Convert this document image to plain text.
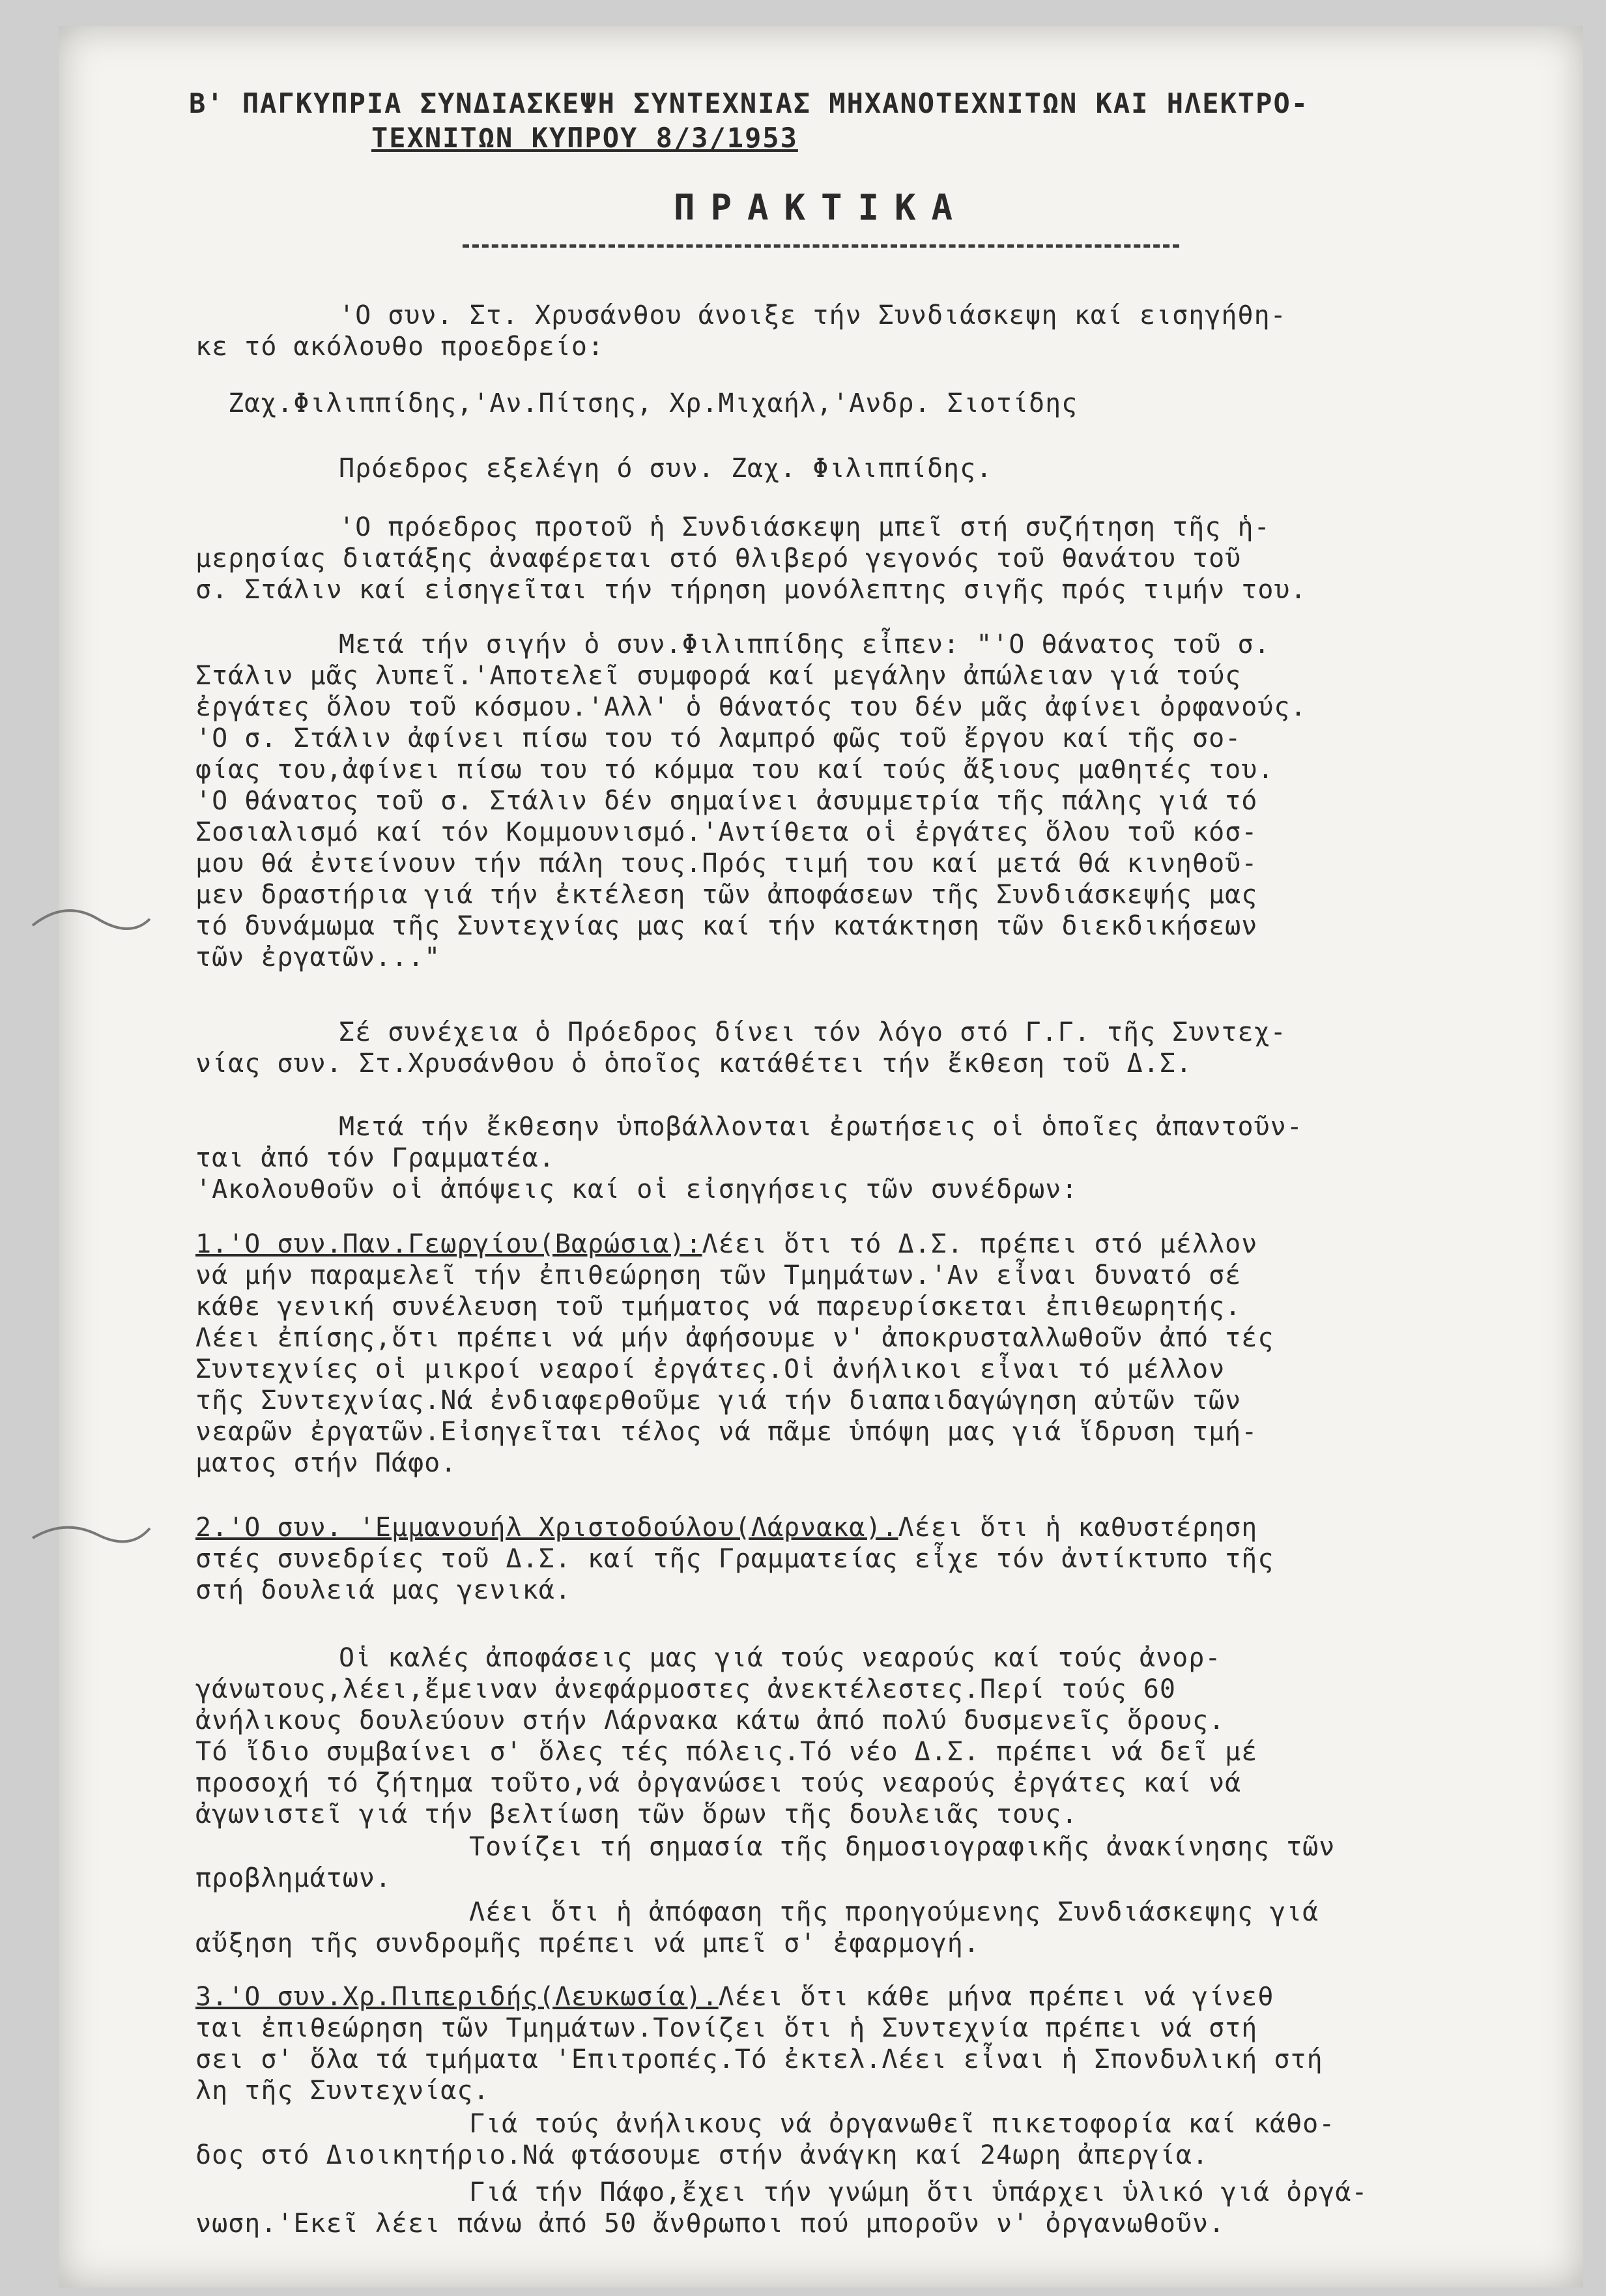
Β' ΠΑΓΚΥΠΡΙΑ ΣΥΝΔΙΑΣΚΕΨΗ ΣΥΝΤΕΧΝΙΑΣ ΜΗΧΑΝΟΤΕΧΝΙΤΩΝ ΚΑΙ ΗΛΕΚΤΡΟ-

ΤΕΧΝΙΤΩΝ ΚΥΠΡΟΥ 8/3/1953

ΠΡΑΚΤΙΚΑ

'Ο συν. Στ. Χρυσάνθου άνοιξε τήν Συνδιάσκεψη καί εισηγήθη-
κε τό ακόλουθο προεδρείο:

Ζαχ.Φιλιππίδης,'Αν.Πίτσης, Χρ.Μιχαήλ,'Ανδρ. Σιοτίδης

Πρόεδρος εξελέγη ό συν. Ζαχ. Φιλιππίδης.

'Ο πρόεδρος πρoτοῦ ἡ Συνδιάσκεψη μπεῖ στή συζήτηση τῆς ἡ-
μερησίας διατάξης ἀναφέρεται στό θλιβερό γεγονός τοῦ θανάτου τοῦ
σ. Στάλιν καί εἰσηγεῖται τήν τήρηση μονόλεπτης σιγῆς πρός τιμήν του.

Μετά τήν σιγήν ὁ συν.Φιλιππίδης εἶπεν: "'Ο θάνατος τοῦ σ.
Στάλιν μᾶς λυπεῖ.'Αποτελεῖ συμφορά καί μεγάλην ἀπώλειαν γιά τούς
ἐργάτες ὅλου τοῦ κόσμου.'Αλλ' ὁ θάνατός του δέν μᾶς ἀφίνει ὀρφανούς.
'Ο σ. Στάλιν ἀφίνει πίσω του τό λαμπρό φῶς τοῦ ἔργου καί τῆς σο-
φίας του,ἀφίνει πίσω του τό κόμμα του καί τούς ἄξιους μαθητές του.
'Ο θάνατος τοῦ σ. Στάλιν δέν σημαίνει ἀσυμμετρία τῆς πάλης γιά τό
Σοσιαλισμό καί τόν Κομμουνισμό.'Αντίθετα οἱ ἐργάτες ὅλου τοῦ κόσ-
μου θά ἐντείνουν τήν πάλη τους.Πρός τιμή του καί μετά θά κινηθοῦ-
μεν δραστήρια γιά τήν ἐκτέλεση τῶν ἀποφάσεων τῆς Συνδιάσκεψής μας
τό δυνάμωμα τῆς Συντεχνίας μας καί τήν κατάκτηση τῶν διεκδικήσεων
τῶν ἐργατῶν..."

Σέ συνέχεια ὁ Πρόεδρος δίνει τόν λόγο στό Γ.Γ. τῆς Συντεχ-
νίας συν. Στ.Χρυσάνθου ὁ ὁποῖος κατάθέτει τήν ἔκθεση τοῦ Δ.Σ.

Μετά τήν ἔκθεσην ὑποβάλλονται ἐρωτήσεις οἱ ὁποῖες ἀπαντοῦν-
ται ἀπό τόν Γραμματέα.
'Ακολουθοῦν οἱ ἀπόψεις καί οἱ εἰσηγήσεις τῶν συνέδρων:

1.'Ο συν.Παν.Γεωργίου(Βαρώσια):Λέει ὅτι τό Δ.Σ. πρέπει στό μέλλον
νά μήν παραμελεῖ τήν ἐπιθεώρηση τῶν Τμημάτων.'Αν εἶναι δυνατό σέ
κάθε γενική συνέλευση τοῦ τμήματος νά παρευρίσκεται ἐπιθεωρητής.
Λέει ἐπίσης,ὅτι πρέπει νά μήν ἀφήσουμε ν' ἀποκρυσταλλωθοῦν ἀπό τές
Συντεχνίες οἱ μικροί νεαροί ἐργάτες.Οἱ ἀνήλικοι εἶναι τό μέλλον
τῆς Συντεχνίας.Νά ἐνδιαφερθοῦμε γιά τήν διαπαιδαγώγηση αὐτῶν τῶν
νεαρῶν ἐργατῶν.Εἰσηγεῖται τέλος νά πᾶμε ὑπόψη μας γιά ἵδρυση τμή-
ματος στήν Πάφο.

2.'Ο συν. 'Εμμανουήλ Χριστοδούλου(Λάρνακα).Λέει ὅτι ἡ καθυστέρηση
στές συνεδρίες τοῦ Δ.Σ. καί τῆς Γραμματείας εἶχε τόν ἀντίκτυπο τῆς
στή δουλειά μας γενικά.

Οἱ καλές ἀποφάσεις μας γιά τούς νεαρούς καί τούς ἀνορ-
γάνωτους,λέει,ἔμειναν ἀνεφάρμοστες ἀνεκτέλεστες.Περί τούς 60
ἀνήλικους δουλεύουν στήν Λάρνακα κάτω ἀπό πολύ δυσμενεῖς ὅρους.
Τό ἴδιο συμβαίνει σ' ὅλες τές πόλεις.Τό νέο Δ.Σ. πρέπει νά δεῖ μέ
προσοχή τό ζήτημα τοῦτο,νά ὀργανώσει τούς νεαρούς ἐργάτες καί νά
ἀγωνιστεῖ γιά τήν βελτίωση τῶν ὅρων τῆς δουλειᾶς τους.

Τονίζει τή σημασία τῆς δημοσιογραφικῆς ἀνακίνησης τῶν
προβλημάτων.

Λέει ὅτι ἡ ἀπόφαση τῆς προηγούμενης Συνδιάσκεψης γιά
αὔξηση τῆς συνδρομῆς πρέπει νά μπεῖ σ' ἐφαρμογή.

3.'Ο συν.Χρ.Πιπεριδής(Λευκωσία).Λέει ὅτι κάθε μήνα πρέπει νά γίνεθ
ται ἐπιθεώρηση τῶν Τμημάτων.Τονίζει ὅτι ἡ Συντεχνία πρέπει νά στή
σει σ' ὅλα τά τμήματα 'Επιτροπές.Τό ἐκτελ.Λέει εἶναι ἡ Σπονδυλική στή
λη τῆς Συντεχνίας.

Γιά τούς ἀνήλικους νά ὀργανωθεῖ πικετοφορία καί κάθο-
δος στό Διοικητήριο.Νά φτάσουμε στήν ἀνάγκη καί 24ωρη ἀπεργία.

Γιά τήν Πάφο,ἔχει τήν γνώμη ὅτι ὑπάρχει ὑλικό γιά ὀργά-
νωση.'Εκεῖ λέει πάνω ἀπό 50 ἄνθρωποι πού μποροῦν ν' ὀργανωθοῦν.
